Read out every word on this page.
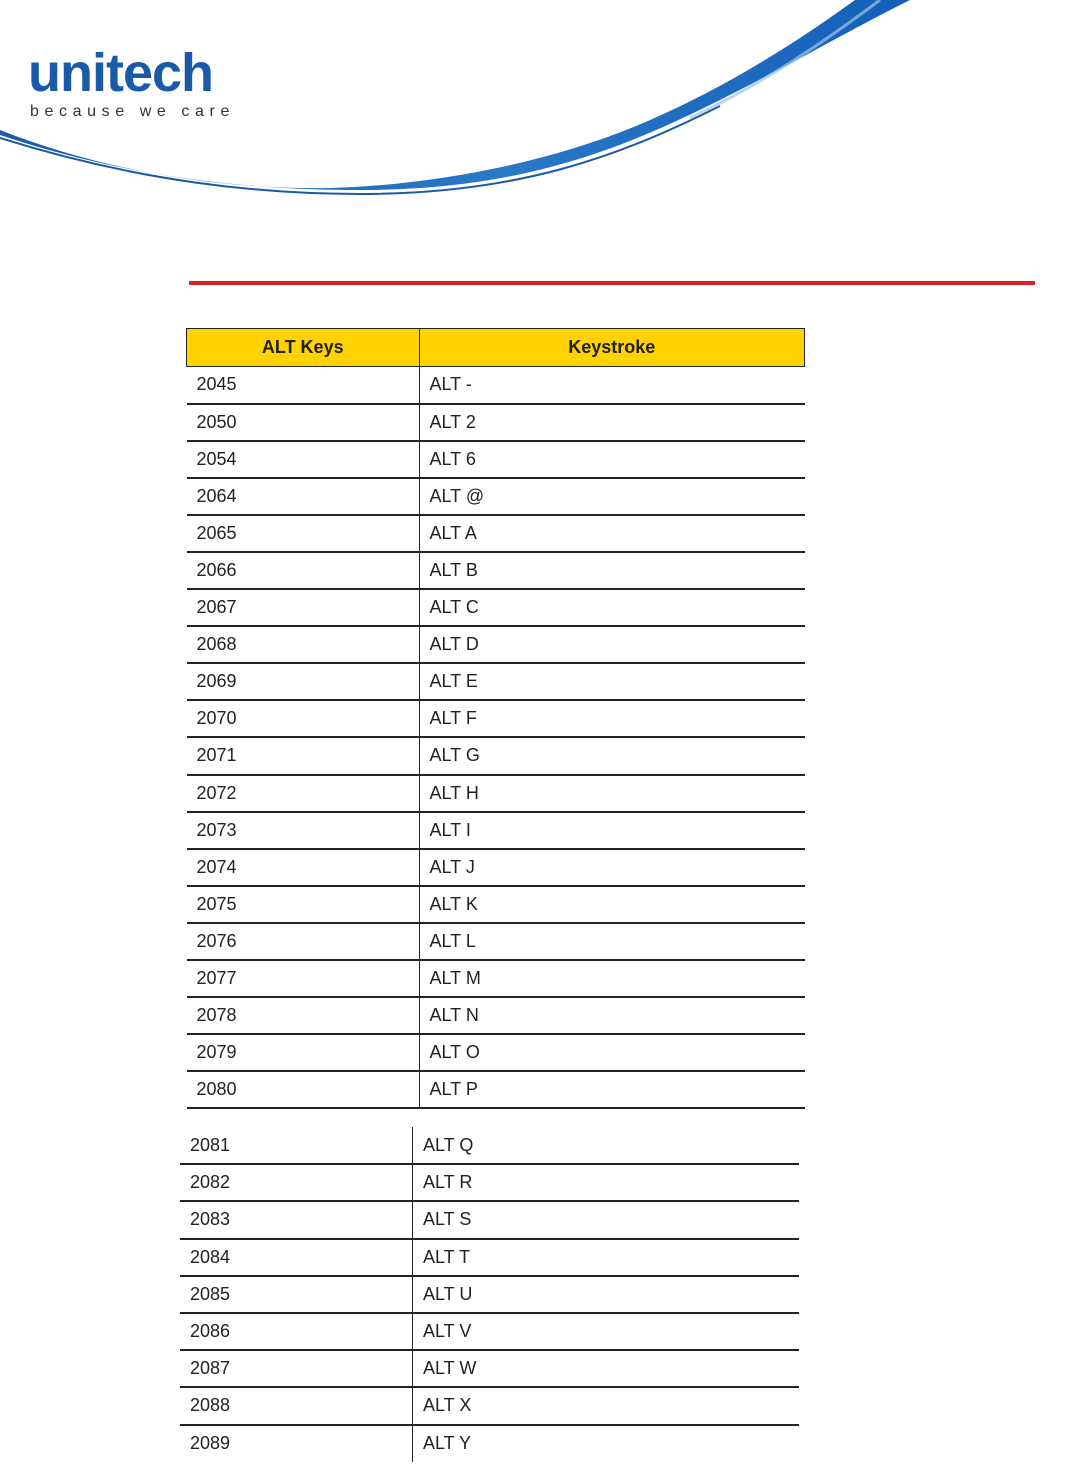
unitech
because we care
ALT Keys	Keystroke
2045	ALT -
2050	ALT 2
2054	ALT 6
2064	ALT @
2065	ALT A
2066	ALT B
2067	ALT C
2068	ALT D
2069	ALT E
2070	ALT F
2071	ALT G
2072	ALT H
2073	ALT I
2074	ALT J
2075	ALT K
2076	ALT L
2077	ALT M
2078	ALT N
2079	ALT O
2080	ALT P
2081	ALT Q
2082	ALT R
2083	ALT S
2084	ALT T
2085	ALT U
2086	ALT V
2087	ALT W
2088	ALT X
2089	ALT Y
